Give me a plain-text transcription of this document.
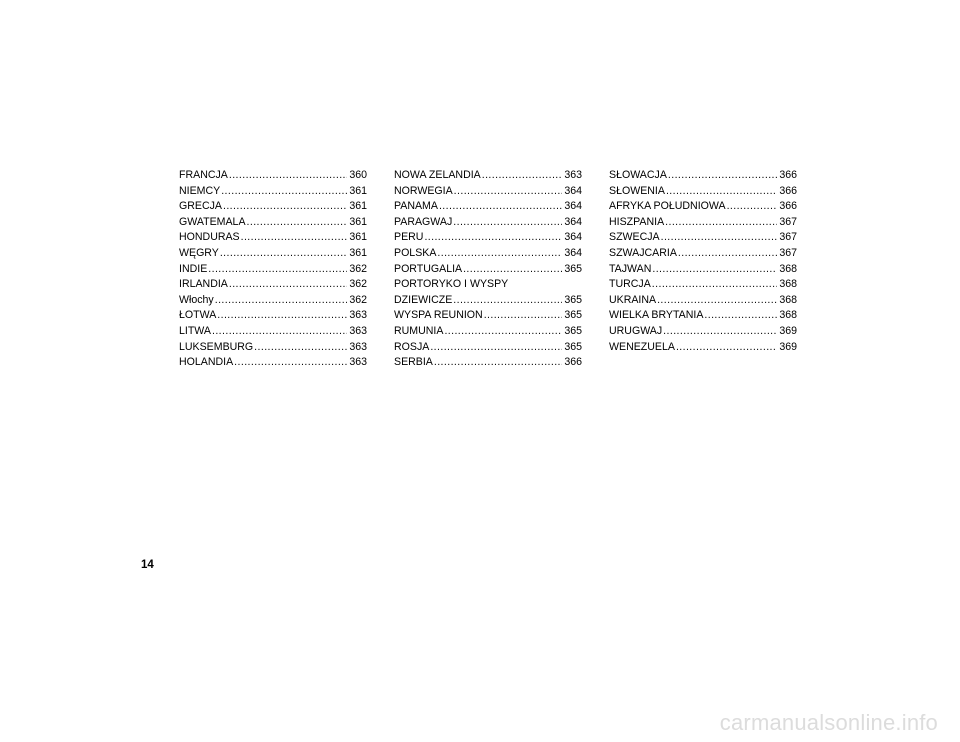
FRANCJA .....	360
NIEMCY .....	361
GRECJA .....	361
GWATEMALA .....	361
HONDURAS .....	361
WĘGRY .....	361
INDIE .....	362
IRLANDIA .....	362
Włochy .....	362
ŁOTWA .....	363
LITWA .....	363
LUKSEMBURG .....	363
HOLANDIA .....	363
NOWA ZELANDIA .....	363
NORWEGIA .....	364
PANAMA .....	364
PARAGWAJ .....	364
PERU .....	364
POLSKA .....	364
PORTUGALIA .....	365
PORTORYKO I WYSPY
DZIEWICZE .....	365
WYSPA REUNION .....	365
RUMUNIA .....	365
ROSJA .....	365
SERBIA .....	366
SŁOWACJA .....	366
SŁOWENIA .....	366
AFRYKA POŁUDNIOWA .....	366
HISZPANIA .....	367
SZWECJA .....	367
SZWAJCARIA .....	367
TAJWAN .....	368
TURCJA .....	368
UKRAINA .....	368
WIELKA BRYTANIA .....	368
URUGWAJ .....	369
WENEZUELA .....	369
14
carmanualsonline.info
